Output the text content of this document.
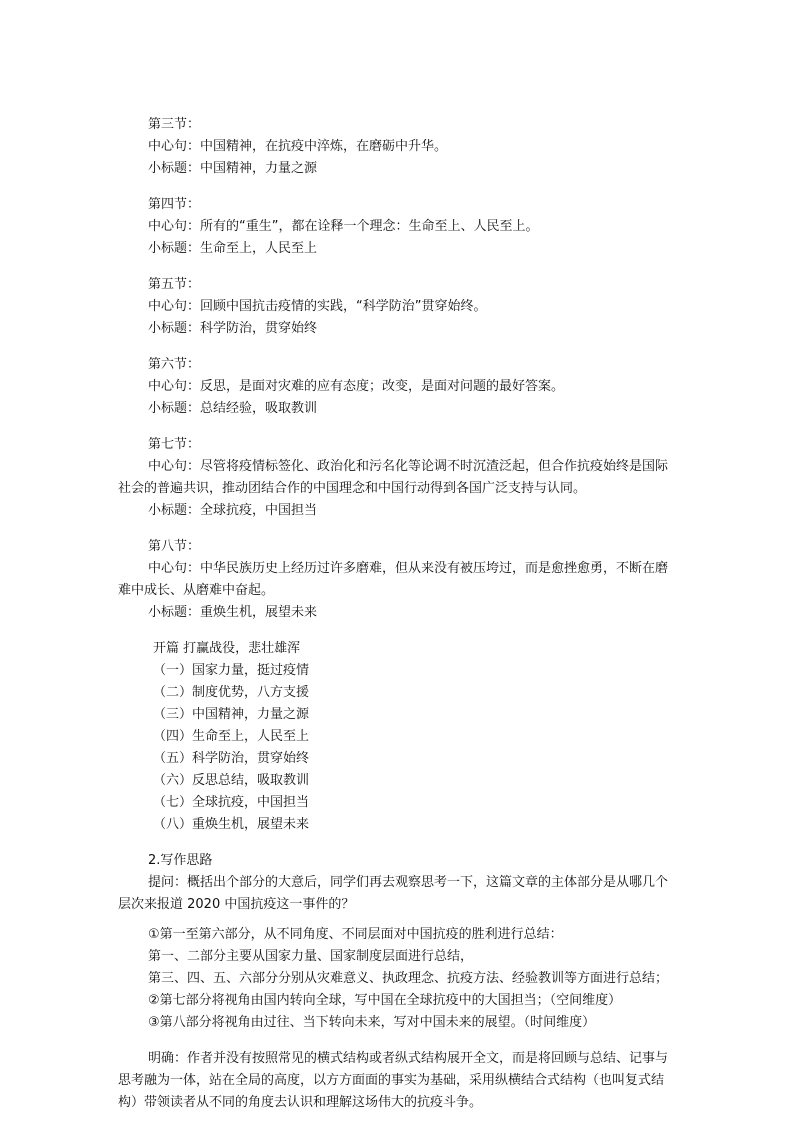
第三节：
中心句：中国精神，在抗疫中淬炼，在磨砺中升华。
小标题：中国精神，力量之源
第四节：
中心句：所有的“重生”，都在诠释一个理念：生命至上、人民至上。
小标题：生命至上，人民至上
第五节：
中心句：回顾中国抗击疫情的实践，“科学防治”贯穿始终。
小标题：科学防治，贯穿始终
第六节：
中心句：反思，是面对灾难的应有态度；改变，是面对问题的最好答案。
小标题：总结经验，吸取教训
第七节：
中心句：尽管将疫情标签化、政治化和污名化等论调不时沉渣泛起，但合作抗疫始终是国际社会的普遍共识，推动团结合作的中国理念和中国行动得到各国广泛支持与认同。
小标题：全球抗疫，中国担当
第八节：
中心句：中华民族历史上经历过许多磨难，但从来没有被压垮过，而是愈挫愈勇，不断在磨难中成长、从磨难中奋起。
小标题：重焕生机，展望未来
开篇 打赢战役，悲壮雄浑
（一）国家力量，挺过疫情
（二）制度优势，八方支援
（三）中国精神，力量之源
（四）生命至上，人民至上
（五）科学防治，贯穿始终
（六）反思总结，吸取教训
（七）全球抗疫，中国担当
（八）重焕生机，展望未来
2.写作思路
提问：概括出个部分的大意后，同学们再去观察思考一下，这篇文章的主体部分是从哪几个层次来报道 2020 中国抗疫这一事件的？
①第一至第六部分，从不同角度、不同层面对中国抗疫的胜利进行总结：
第一、二部分主要从国家力量、国家制度层面进行总结，
第三、四、五、六部分分别从灾难意义、执政理念、抗疫方法、经验教训等方面进行总结；
②第七部分将视角由国内转向全球，写中国在全球抗疫中的大国担当；（空间维度）
③第八部分将视角由过往、当下转向未来，写对中国未来的展望。（时间维度）
明确：作者并没有按照常见的横式结构或者纵式结构展开全文，而是将回顾与总结、记事与思考融为一体，站在全局的高度，以方方面面的事实为基础，采用纵横结合式结构（也叫复式结构）带领读者从不同的角度去认识和理解这场伟大的抗疫斗争。
